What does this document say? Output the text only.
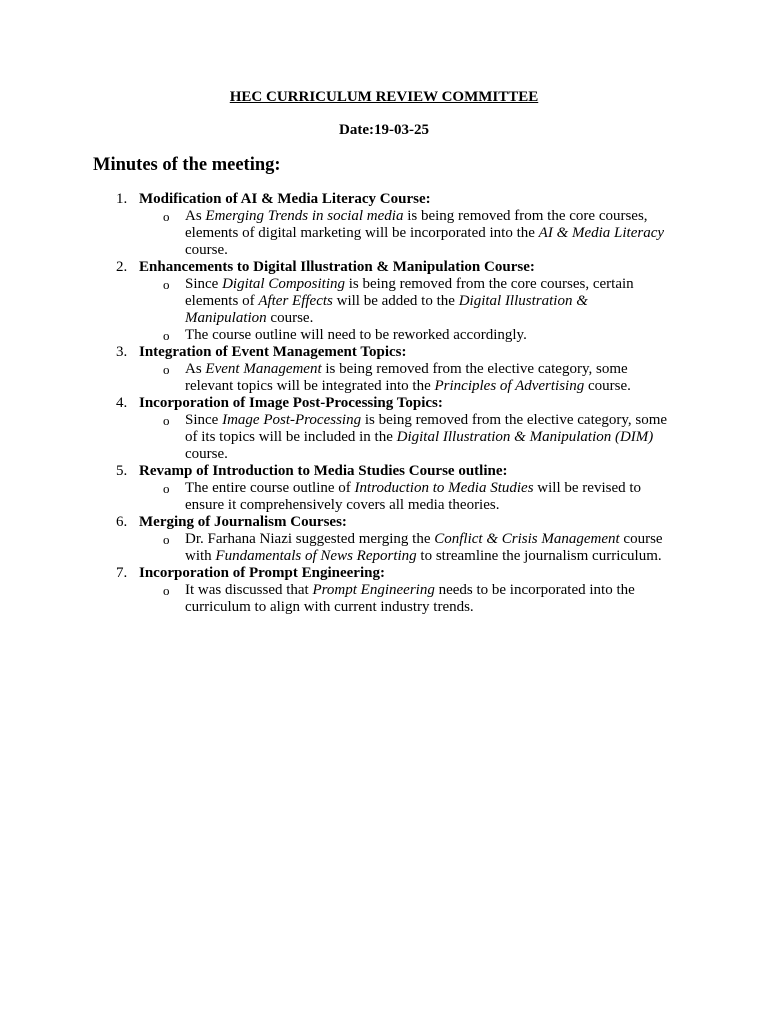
HEC CURRICULUM REVIEW COMMITTEE
Date:19-03-25
Minutes of the meeting:
1. Modification of AI & Media Literacy Course:
o As Emerging Trends in social media is being removed from the core courses, elements of digital marketing will be incorporated into the AI & Media Literacy course.
2. Enhancements to Digital Illustration & Manipulation Course:
o Since Digital Compositing is being removed from the core courses, certain elements of After Effects will be added to the Digital Illustration & Manipulation course.
o The course outline will need to be reworked accordingly.
3. Integration of Event Management Topics:
o As Event Management is being removed from the elective category, some relevant topics will be integrated into the Principles of Advertising course.
4. Incorporation of Image Post-Processing Topics:
o Since Image Post-Processing is being removed from the elective category, some of its topics will be included in the Digital Illustration & Manipulation (DIM) course.
5. Revamp of Introduction to Media Studies Course outline:
o The entire course outline of Introduction to Media Studies will be revised to ensure it comprehensively covers all media theories.
6. Merging of Journalism Courses:
o Dr. Farhana Niazi suggested merging the Conflict & Crisis Management course with Fundamentals of News Reporting to streamline the journalism curriculum.
7. Incorporation of Prompt Engineering:
o It was discussed that Prompt Engineering needs to be incorporated into the curriculum to align with current industry trends.
